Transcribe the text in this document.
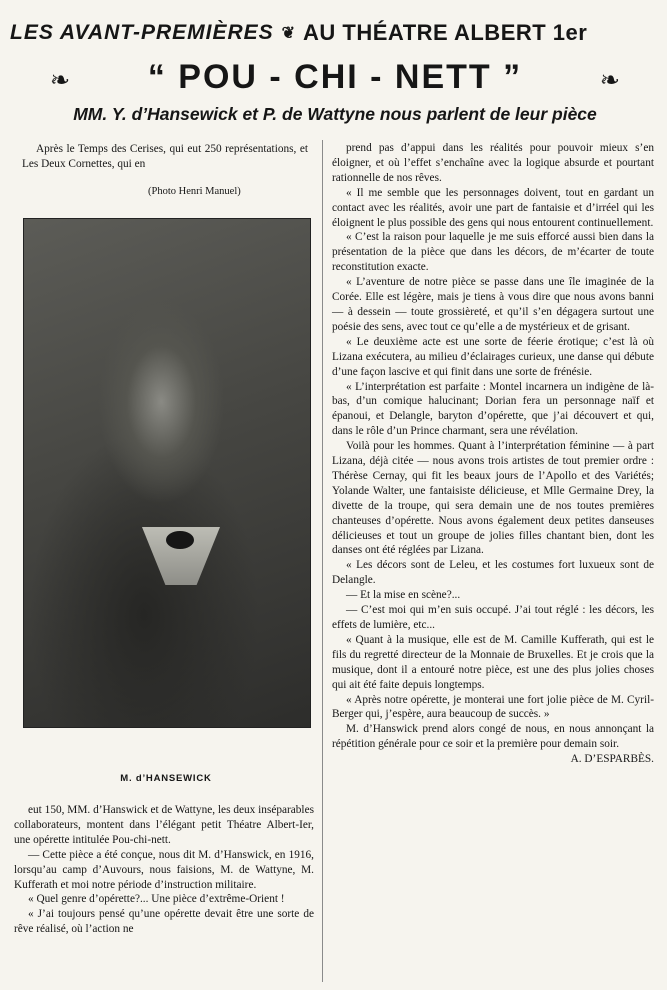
LES AVANT-PREMIÈRES ❦ AU THÉATRE ALBERT 1er
❧	“ POU - CHI - NETT ”	❧
MM. Y. d’Hansewick et P. de Wattyne nous parlent de leur pièce

Après le Temps des Cerises, qui eut 250 représentations, et Les Deux Cornettes, qui en

(Photo Henri Manuel)
M. d’HANSEWICK

eut 150, MM. d’Hanswick et de Wattyne, les deux inséparables collaborateurs, montent dans l’élégant petit Théatre Albert-Ier, une opérette intitulée Pou-chi-nett.

— Cette pièce a été conçue, nous dit M. d’Hanswick, en 1916, lorsqu’au camp d’Auvours, nous faisions, M. de Wattyne, M. Kufferath et moi notre période d’instruction militaire.

« Quel genre d’opérette?... Une pièce d’extrême-Orient !

« J’ai toujours pensé qu’une opérette devait être une sorte de rêve réalisé, où l’action ne

prend pas d’appui dans les réalités pour pouvoir mieux s’en éloigner, et où l’effet s’enchaîne avec la logique absurde et pourtant rationnelle de nos rêves.

« Il me semble que les personnages doivent, tout en gardant un contact avec les réalités, avoir une part de fantaisie et d’irréel qui les éloignent le plus possible des gens qui nous entourent continuellement.

« C’est la raison pour laquelle je me suis efforcé aussi bien dans la présentation de la pièce que dans les décors, de m’écarter de toute reconstitution exacte.

« L’aventure de notre pièce se passe dans une île imaginée de la Corée. Elle est légère, mais je tiens à vous dire que nous avons banni — à dessein — toute grossièreté, et qu’il s’en dégagera surtout une poésie des sens, avec tout ce qu’elle a de mystérieux et de grisant.

« Le deuxième acte est une sorte de féerie érotique; c’est là où Lizana exécutera, au milieu d’éclairages curieux, une danse qui débute d’une façon lascive et qui finit dans une sorte de frénésie.

« L’interprétation est parfaite : Montel incarnera un indigène de là-bas, d’un comique halucinant; Dorian fera un personnage naïf et épanoui, et Delangle, baryton d’opérette, que j’ai découvert et qui, dans le rôle d’un Prince charmant, sera une révélation.

Voilà pour les hommes. Quant à l’interprétation féminine — à part Lizana, déjà citée — nous avons trois artistes de tout premier ordre : Thérèse Cernay, qui fit les beaux jours de l’Apollo et des Variétés; Yolande Walter, une fantaisiste délicieuse, et Mlle Germaine Drey, la divette de la troupe, qui sera demain une de nos toutes premières chanteuses d’opérette. Nous avons également deux petites danseuses délicieuses et tout un groupe de jolies filles chantant bien, dont les danses ont été réglées par Lizana.

« Les décors sont de Leleu, et les costumes fort luxueux sont de Delangle.

— Et la mise en scène?...

— C’est moi qui m’en suis occupé. J’ai tout réglé : les décors, les effets de lumière, etc...

« Quant à la musique, elle est de M. Camille Kufferath, qui est le fils du regretté directeur de la Monnaie de Bruxelles. Et je crois que la musique, dont il a entouré notre pièce, est une des plus jolies choses qui ait été faite depuis longtemps.

« Après notre opérette, je monterai une fort jolie pièce de M. Cyril-Berger qui, j’espère, aura beaucoup de succès. »

M. d’Hanswick prend alors congé de nous, en nous annonçant la répétition générale pour ce soir et la première pour demain soir.

A. D’ESPARBÈS.
